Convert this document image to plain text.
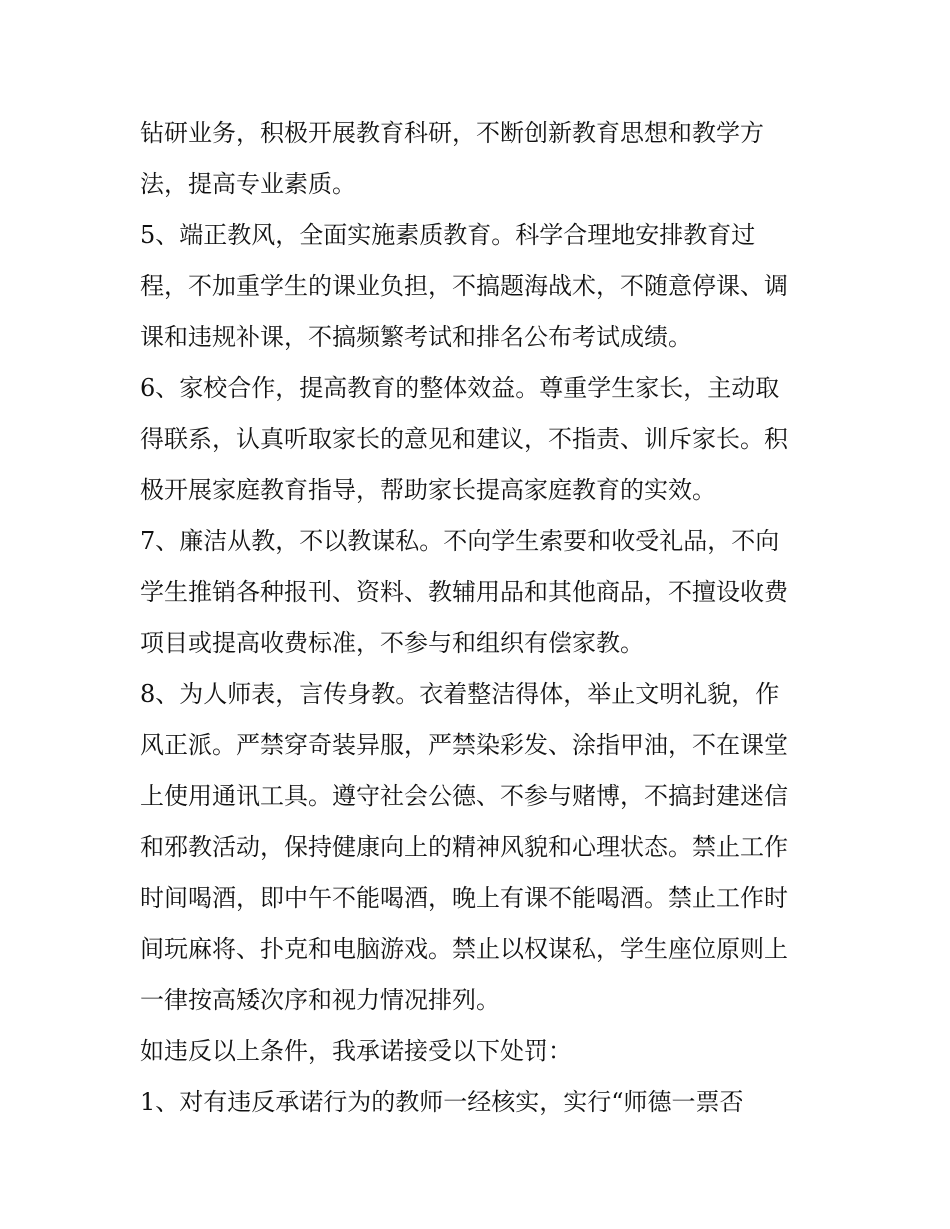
钻研业务，积极开展教育科研，不断创新教育思想和教学方
法，提高专业素质。
5、端正教风，全面实施素质教育。科学合理地安排教育过
程，不加重学生的课业负担，不搞题海战术，不随意停课、调
课和违规补课，不搞频繁考试和排名公布考试成绩。
6、家校合作，提高教育的整体效益。尊重学生家长，主动取
得联系，认真听取家长的意见和建议，不指责、训斥家长。积
极开展家庭教育指导，帮助家长提高家庭教育的实效。
7、廉洁从教，不以教谋私。不向学生索要和收受礼品，不向
学生推销各种报刊、资料、教辅用品和其他商品，不擅设收费
项目或提高收费标准，不参与和组织有偿家教。
8、为人师表，言传身教。衣着整洁得体，举止文明礼貌，作
风正派。严禁穿奇装异服，严禁染彩发、涂指甲油，不在课堂
上使用通讯工具。遵守社会公德、不参与赌博，不搞封建迷信
和邪教活动，保持健康向上的精神风貌和心理状态。禁止工作
时间喝酒，即中午不能喝酒，晚上有课不能喝酒。禁止工作时
间玩麻将、扑克和电脑游戏。禁止以权谋私，学生座位原则上
一律按高矮次序和视力情况排列。
如违反以上条件，我承诺接受以下处罚：
1、对有违反承诺行为的教师一经核实，实行“师德一票否
